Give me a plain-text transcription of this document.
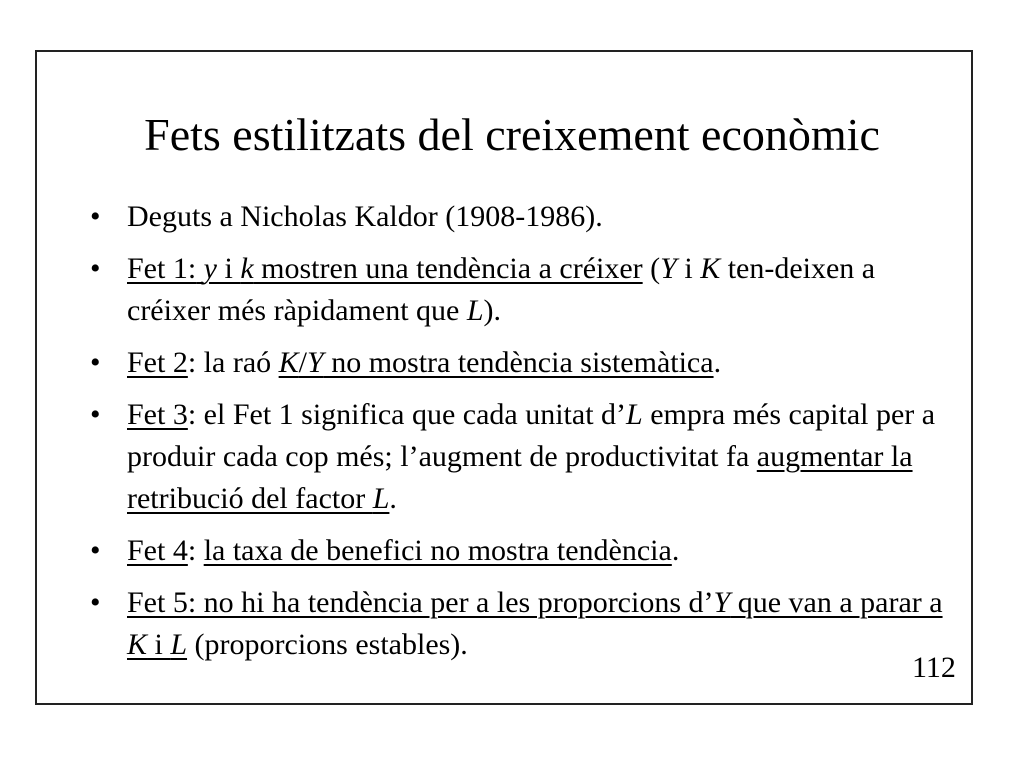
Fets estilitzats del creixement econòmic
• Deguts a Nicholas Kaldor (1908-1986).
• Fet 1: y i k mostren una tendència a créixer (Y i K ten-deixen a créixer més ràpidament que L).
• Fet 2: la raó K/Y no mostra tendència sistemàtica.
• Fet 3: el Fet 1 significa que cada unitat d’L empra més capital per a produir cada cop més; l’augment de productivitat fa augmentar la retribució del factor L.
• Fet 4: la taxa de benefici no mostra tendència.
• Fet 5: no hi ha tendència per a les proporcions d’Y que van a parar a K i L (proporcions estables).
112
